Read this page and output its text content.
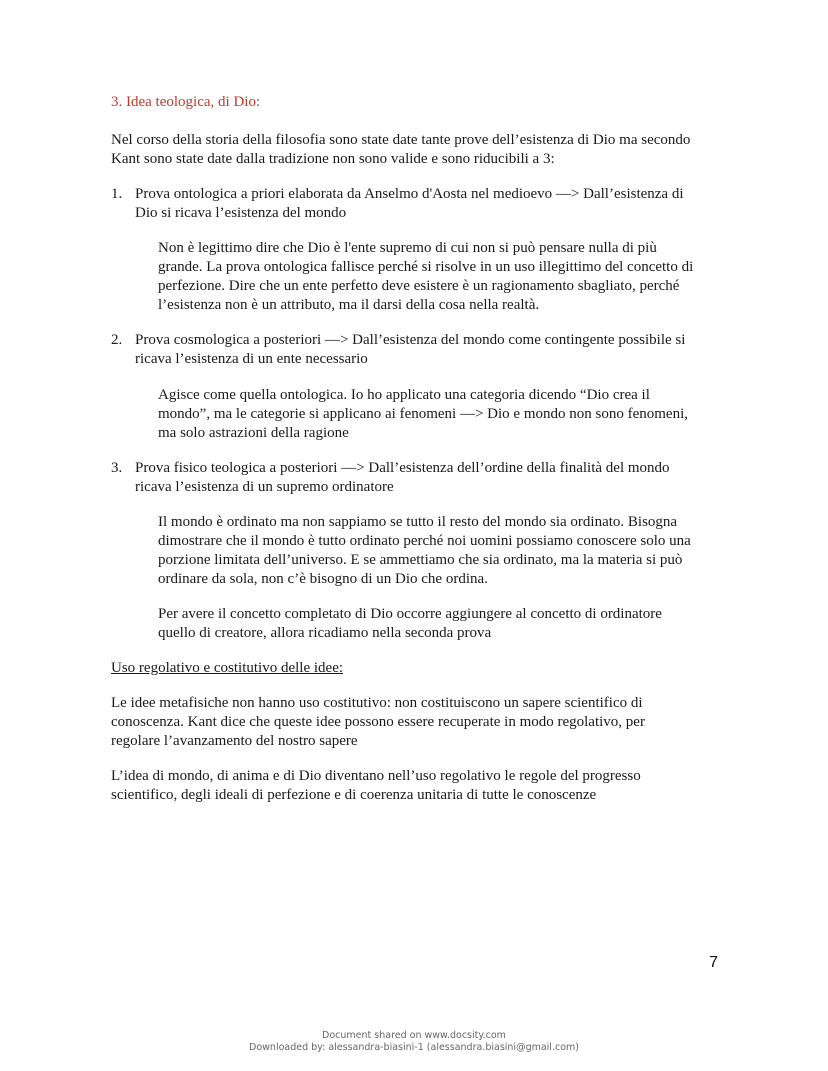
3. Idea teologica, di Dio:
Nel corso della storia della filosofia sono state date tante prove dell’esistenza di Dio ma secondo
Kant sono state date dalla tradizione non sono valide e sono riducibili a 3:
1. Prova ontologica a priori elaborata da Anselmo d'Aosta nel medioevo —> Dall’esistenza di
Dio si ricava l’esistenza del mondo
Non è legittimo dire che Dio è l'ente supremo di cui non si può pensare nulla di più
grande. La prova ontologica fallisce perché si risolve in un uso illegittimo del concetto di
perfezione. Dire che un ente perfetto deve esistere è un ragionamento sbagliato, perché
l’esistenza non è un attributo, ma il darsi della cosa nella realtà.
2. Prova cosmologica a posteriori —> Dall’esistenza del mondo come contingente possibile si
ricava l’esistenza di un ente necessario
Agisce come quella ontologica. Io ho applicato una categoria dicendo “Dio crea il
mondo”, ma le categorie si applicano ai fenomeni —> Dio e mondo non sono fenomeni,
ma solo astrazioni della ragione
3. Prova fisico teologica a posteriori —> Dall’esistenza dell’ordine della finalità del mondo
ricava l’esistenza di un supremo ordinatore
Il mondo è ordinato ma non sappiamo se tutto il resto del mondo sia ordinato. Bisogna
dimostrare che il mondo è tutto ordinato perché noi uomini possiamo conoscere solo una
porzione limitata dell’universo. E se ammettiamo che sia ordinato, ma la materia si può
ordinare da sola, non c’è bisogno di un Dio che ordina.
Per avere il concetto completato di Dio occorre aggiungere al concetto di ordinatore
quello di creatore, allora ricadiamo nella seconda prova
Uso regolativo e costitutivo delle idee:
Le idee metafisiche non hanno uso costitutivo: non costituiscono un sapere scientifico di
conoscenza. Kant dice che queste idee possono essere recuperate in modo regolativo, per
regolare l’avanzamento del nostro sapere
L’idea di mondo, di anima e di Dio diventano nell’uso regolativo le regole del progresso
scientifico, degli ideali di perfezione e di coerenza unitaria di tutte le conoscenze
7
Document shared on www.docsity.com
Downloaded by: alessandra-biasini-1 (alessandra.biasini@gmail.com)
